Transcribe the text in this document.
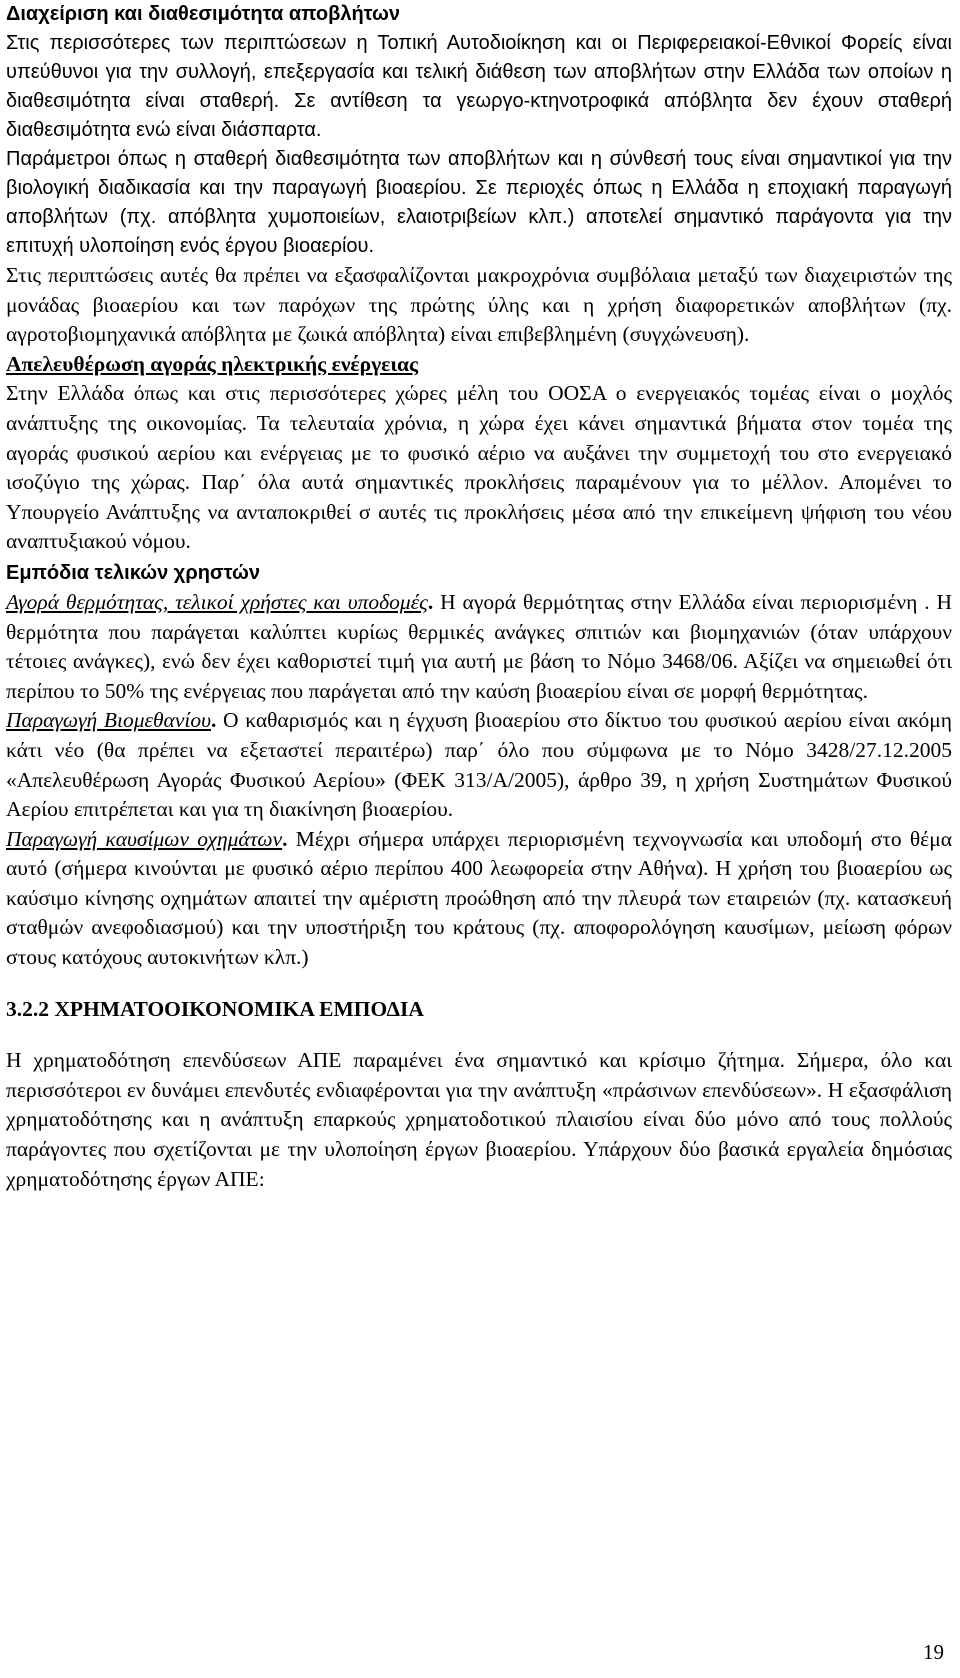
Διαχείριση και διαθεσιμότητα αποβλήτων

Στις περισσότερες των περιπτώσεων η Τοπική Αυτοδιοίκηση και οι Περιφερειακοί-Εθνικοί Φορείς είναι υπεύθυνοι για την συλλογή, επεξεργασία και τελική διάθεση των αποβλήτων στην Ελλάδα των οποίων η διαθεσιμότητα είναι σταθερή. Σε αντίθεση τα γεωργο-κτηνοτροφικά απόβλητα δεν έχουν σταθερή διαθεσιμότητα ενώ είναι διάσπαρτα.

Παράμετροι όπως η σταθερή διαθεσιμότητα των αποβλήτων και η σύνθεσή τους είναι σημαντικοί για την βιολογική διαδικασία και την παραγωγή βιοαερίου. Σε περιοχές όπως η Ελλάδα η εποχιακή παραγωγή αποβλήτων (πχ. απόβλητα χυμοποιείων, ελαιοτριβείων κλπ.) αποτελεί σημαντικό παράγοντα για την επιτυχή υλοποίηση ενός έργου βιοαερίου.

Στις περιπτώσεις αυτές θα πρέπει να εξασφαλίζονται μακροχρόνια συμβόλαια μεταξύ των διαχειριστών της μονάδας βιοαερίου και των παρόχων της πρώτης ύλης και η χρήση διαφορετικών αποβλήτων (πχ. αγροτοβιομηχανικά απόβλητα με ζωικά απόβλητα) είναι επιβεβλημένη (συγχώνευση).

Απελευθέρωση αγοράς ηλεκτρικής ενέργειας

Στην Ελλάδα όπως και στις περισσότερες χώρες μέλη του ΟΟΣΑ ο ενεργειακός τομέας είναι ο μοχλός ανάπτυξης της οικονομίας. Τα τελευταία χρόνια, η χώρα έχει κάνει σημαντικά βήματα στον τομέα της αγοράς φυσικού αερίου και ενέργειας με το φυσικό αέριο να αυξάνει την συμμετοχή του στο ενεργειακό ισοζύγιο της χώρας. Παρ΄ όλα αυτά σημαντικές προκλήσεις παραμένουν για το μέλλον. Απομένει το Υπουργείο Ανάπτυξης να ανταποκριθεί σ αυτές τις προκλήσεις μέσα από την επικείμενη ψήφιση του νέου αναπτυξιακού νόμου.

Εμπόδια τελικών χρηστών

Αγορά θερμότητας, τελικοί χρήστες και υποδομές. Η αγορά θερμότητας στην Ελλάδα είναι περιορισμένη . Η θερμότητα που παράγεται καλύπτει κυρίως θερμικές ανάγκες σπιτιών και βιομηχανιών (όταν υπάρχουν τέτοιες ανάγκες), ενώ δεν έχει καθοριστεί τιμή για αυτή με βάση το Νόμο 3468/06. Αξίζει να σημειωθεί ότι περίπου το 50% της ενέργειας που παράγεται από την καύση βιοαερίου είναι σε μορφή θερμότητας.

Παραγωγή Βιομεθανίου. Ο καθαρισμός και η έγχυση βιοαερίου στο δίκτυο του φυσικού αερίου είναι ακόμη κάτι νέο (θα πρέπει να εξεταστεί περαιτέρω) παρ΄ όλο που σύμφωνα με το Νόμο 3428/27.12.2005 «Απελευθέρωση Αγοράς Φυσικού Αερίου» (ΦΕΚ 313/Α/2005), άρθρο 39, η χρήση Συστημάτων Φυσικού Αερίου επιτρέπεται και για τη διακίνηση βιοαερίου.

Παραγωγή καυσίμων οχημάτων. Μέχρι σήμερα υπάρχει περιορισμένη τεχνογνωσία και υποδομή στο θέμα αυτό (σήμερα κινούνται με φυσικό αέριο περίπου 400 λεωφορεία στην Αθήνα). Η χρήση του βιοαερίου ως καύσιμο κίνησης οχημάτων απαιτεί την αμέριστη προώθηση από την πλευρά των εταιρειών (πχ. κατασκευή σταθμών ανεφοδιασμού) και την υποστήριξη του κράτους (πχ. αποφορολόγηση καυσίμων, μείωση φόρων στους κατόχους αυτοκινήτων κλπ.)

3.2.2 ΧΡΗΜΑΤΟΟΙΚΟΝΟΜΙΚΑ ΕΜΠΟΔΙΑ

Η χρηματοδότηση επενδύσεων ΑΠΕ παραμένει ένα σημαντικό και κρίσιμο ζήτημα. Σήμερα, όλο και περισσότεροι εν δυνάμει επενδυτές ενδιαφέρονται για την ανάπτυξη «πράσινων επενδύσεων». Η εξασφάλιση χρηματοδότησης και η ανάπτυξη επαρκούς χρηματοδοτικού πλαισίου είναι δύο μόνο από τους πολλούς παράγοντες που σχετίζονται με την υλοποίηση έργων βιοαερίου. Υπάρχουν δύο βασικά εργαλεία δημόσιας χρηματοδότησης έργων ΑΠΕ:

19
